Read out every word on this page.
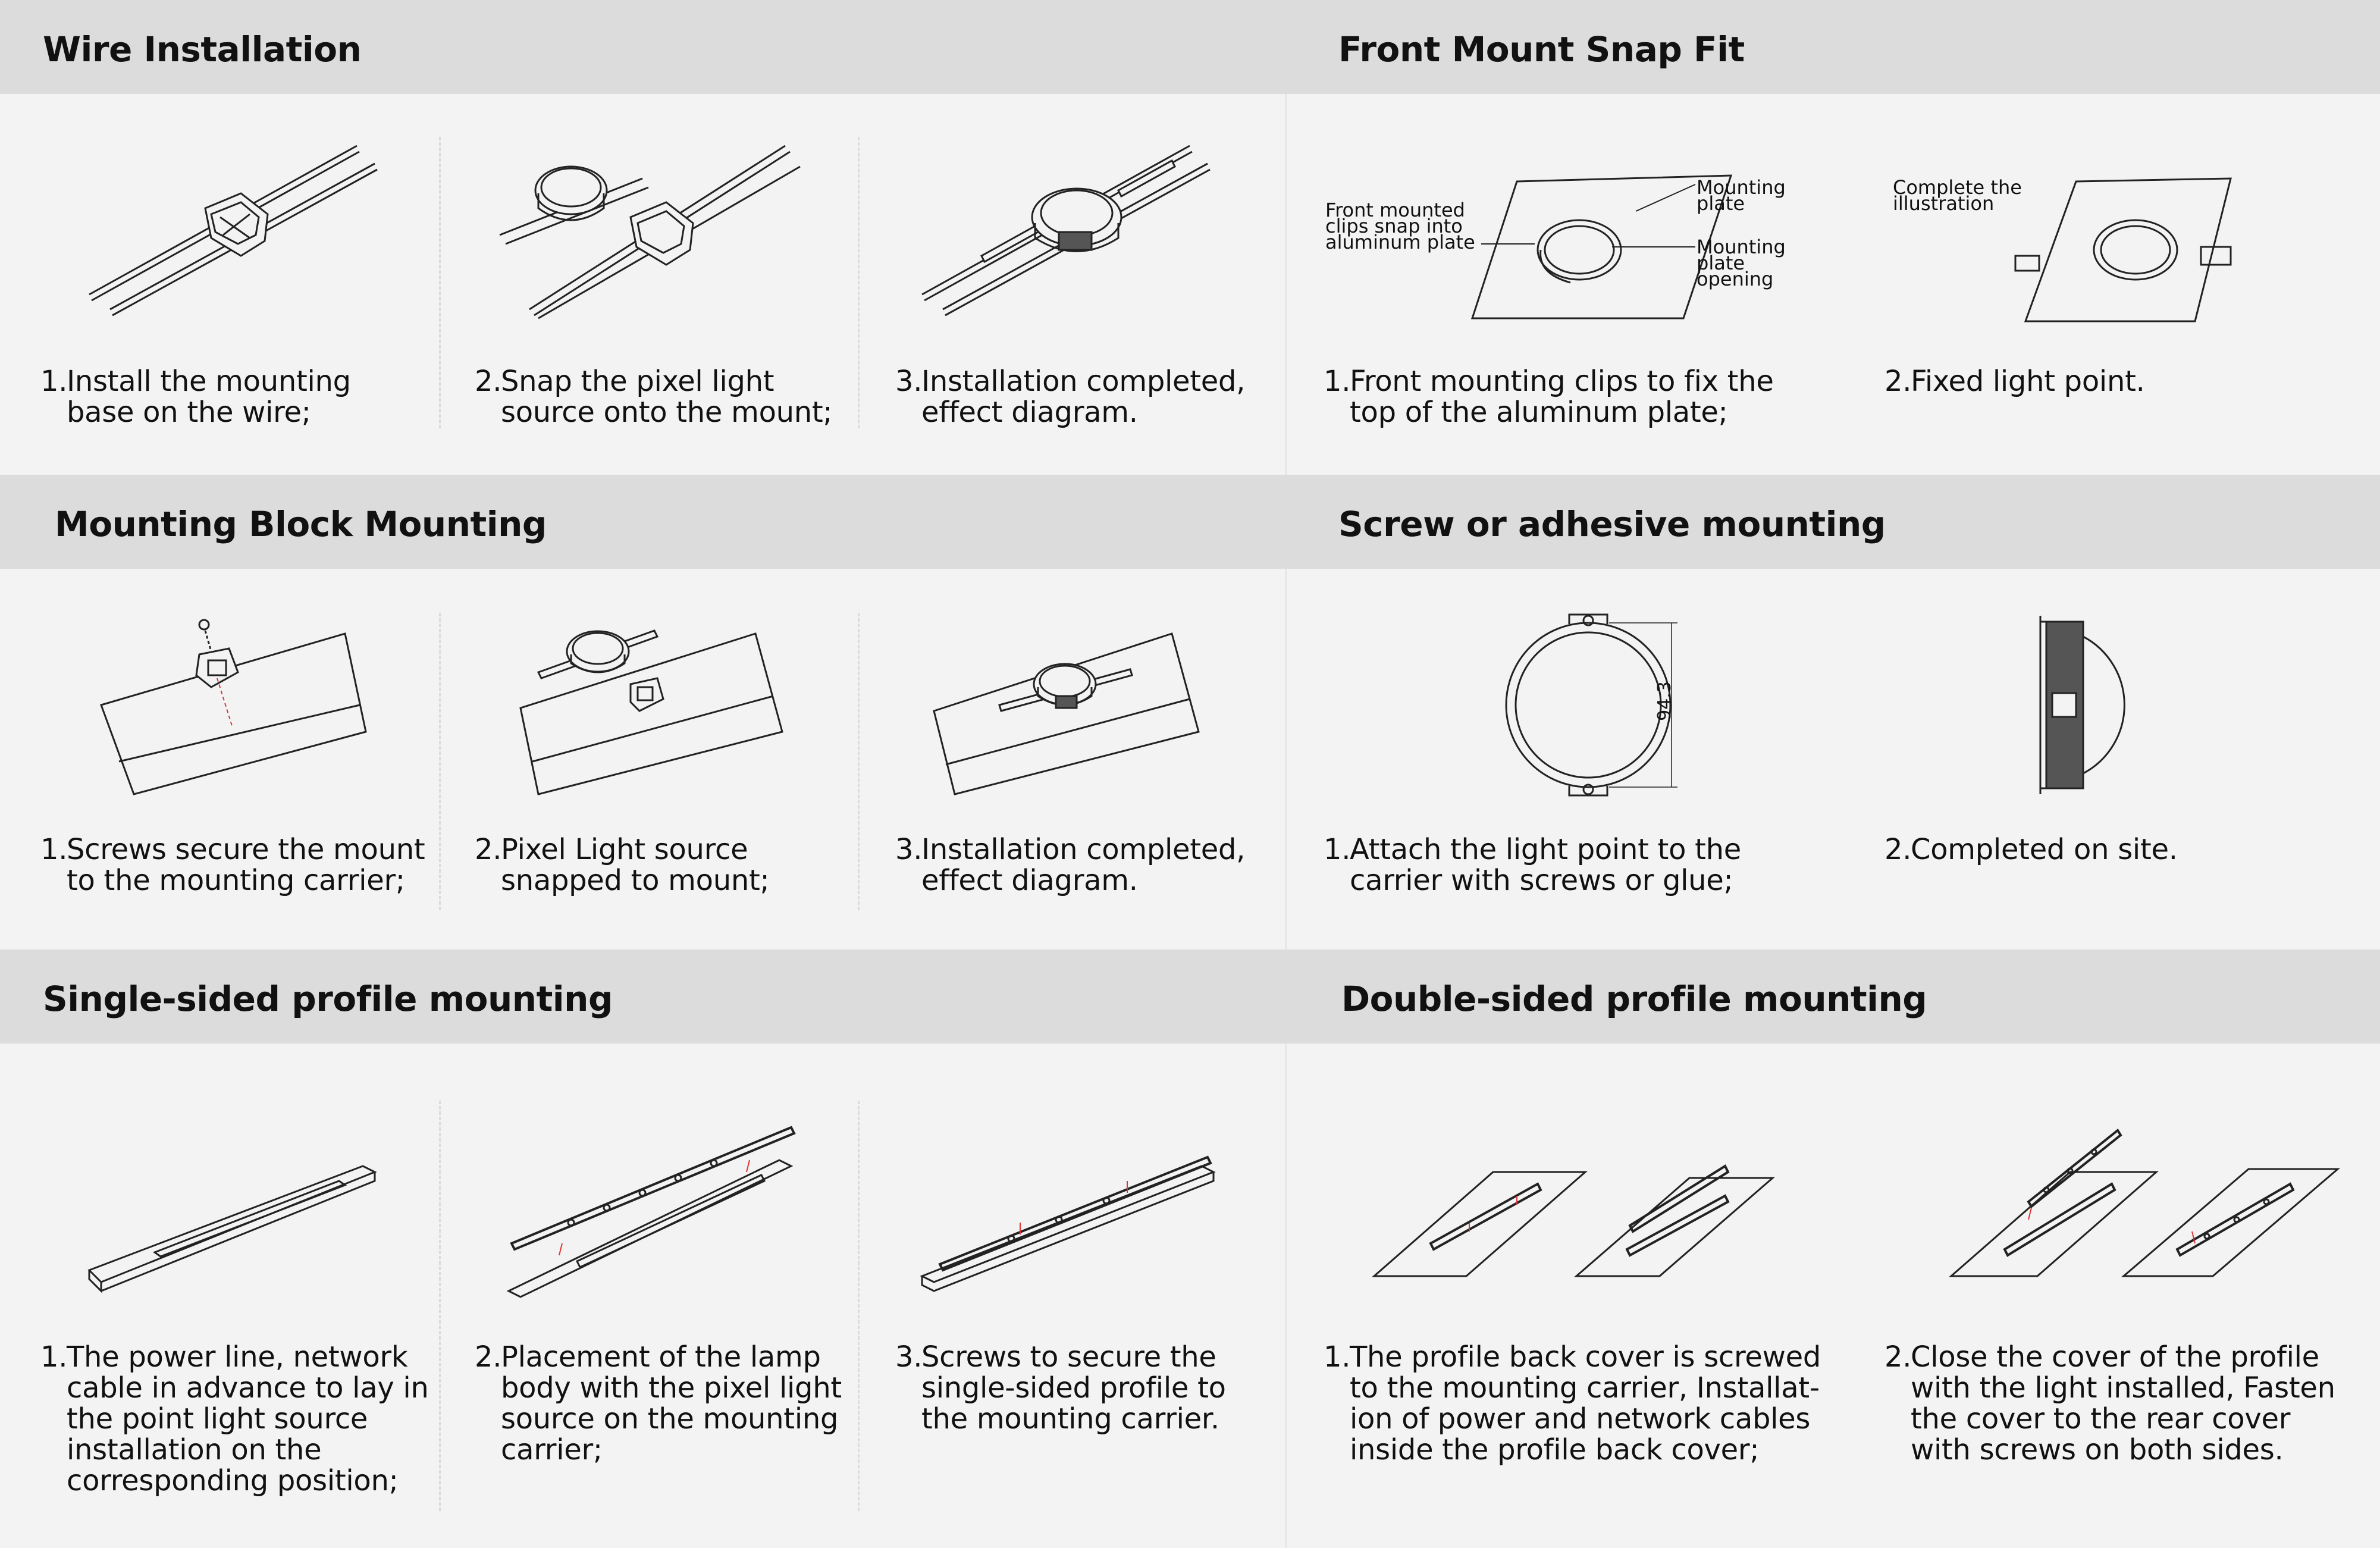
Wire Installation	Front Mount Snap Fit
Mounting Block Mounting	Screw or adhesive mounting
Single-sided profile mounting	Double-sided profile mounting
1.Install the mounting
base on the wire;
2.Snap the pixel light
source onto the mount;
3.Installation completed,
effect diagram.
Front mounted
clips snap into
aluminum plate
Mounting
plate
Mounting
plate
opening
Complete the
illustration
1.Front mounting clips to fix the
top of the aluminum plate;
2.Fixed light point.
1.Screws secure the mount
to the mounting carrier;
2.Pixel Light source
snapped to mount;
3.Installation completed,
effect diagram.
94.3
1.Attach the light point to the
carrier with screws or glue;
2.Completed on site.
1.The power line, network
cable in advance to lay in
the point light source
installation on the
corresponding position;
2.Placement of the lamp
body with the pixel light
source on the mounting
carrier;
3.Screws to secure the
single-sided profile to
the mounting carrier.
1.The profile back cover is screwed
to the mounting carrier, Installat-
ion of power and network cables
inside the profile back cover;
2.Close the cover of the profile
with the light installed, Fasten
the cover to the rear cover
with screws on both sides.
